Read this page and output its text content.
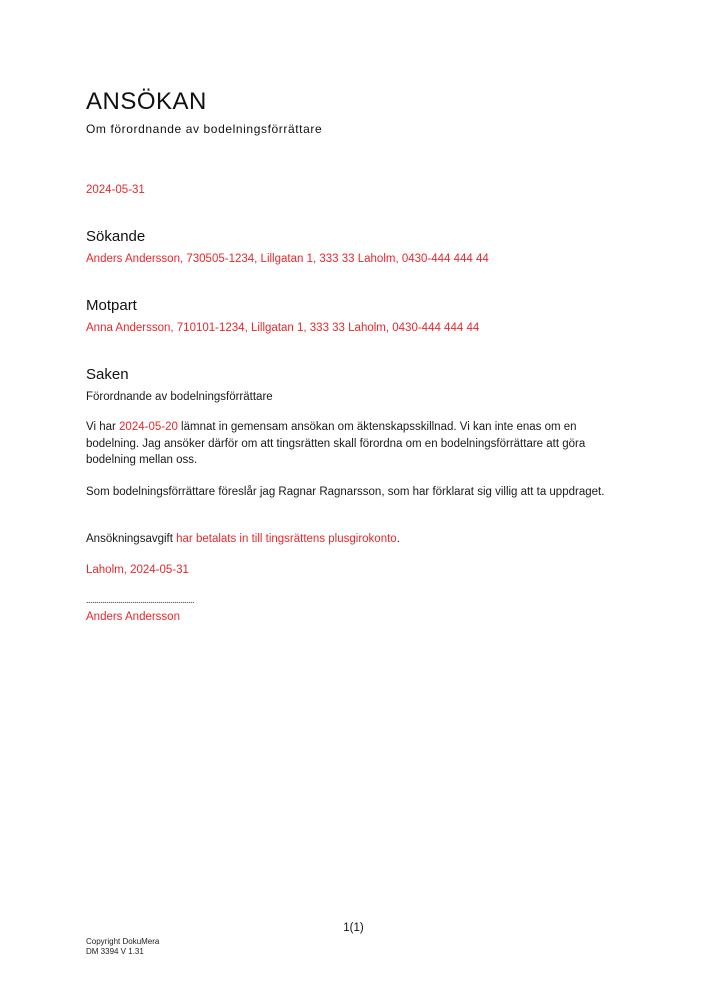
ANSÖKAN
Om förordnande av bodelningsförrättare
2024-05-31
Sökande
Anders Andersson, 730505-1234, Lillgatan 1, 333 33 Laholm, 0430-444 444 44
Motpart
Anna Andersson, 710101-1234, Lillgatan 1, 333 33 Laholm, 0430-444 444 44
Saken
Förordnande av bodelningsförrättare
Vi har 2024-05-20 lämnat in gemensam ansökan om äktenskapsskillnad. Vi kan inte enas om en bodelning. Jag ansöker därför om att tingsrätten skall förordna om en bodelningsförrättare att göra bodelning mellan oss.
Som bodelningsförrättare föreslår jag Ragnar Ragnarsson, som har förklarat sig villig att ta uppdraget.
Ansökningsavgift har betalats in till tingsrättens plusgirokonto.
Laholm, 2024-05-31
......................................................
Anders Andersson
1(1)
Copyright DokuMera
DM 3394 V 1.31
